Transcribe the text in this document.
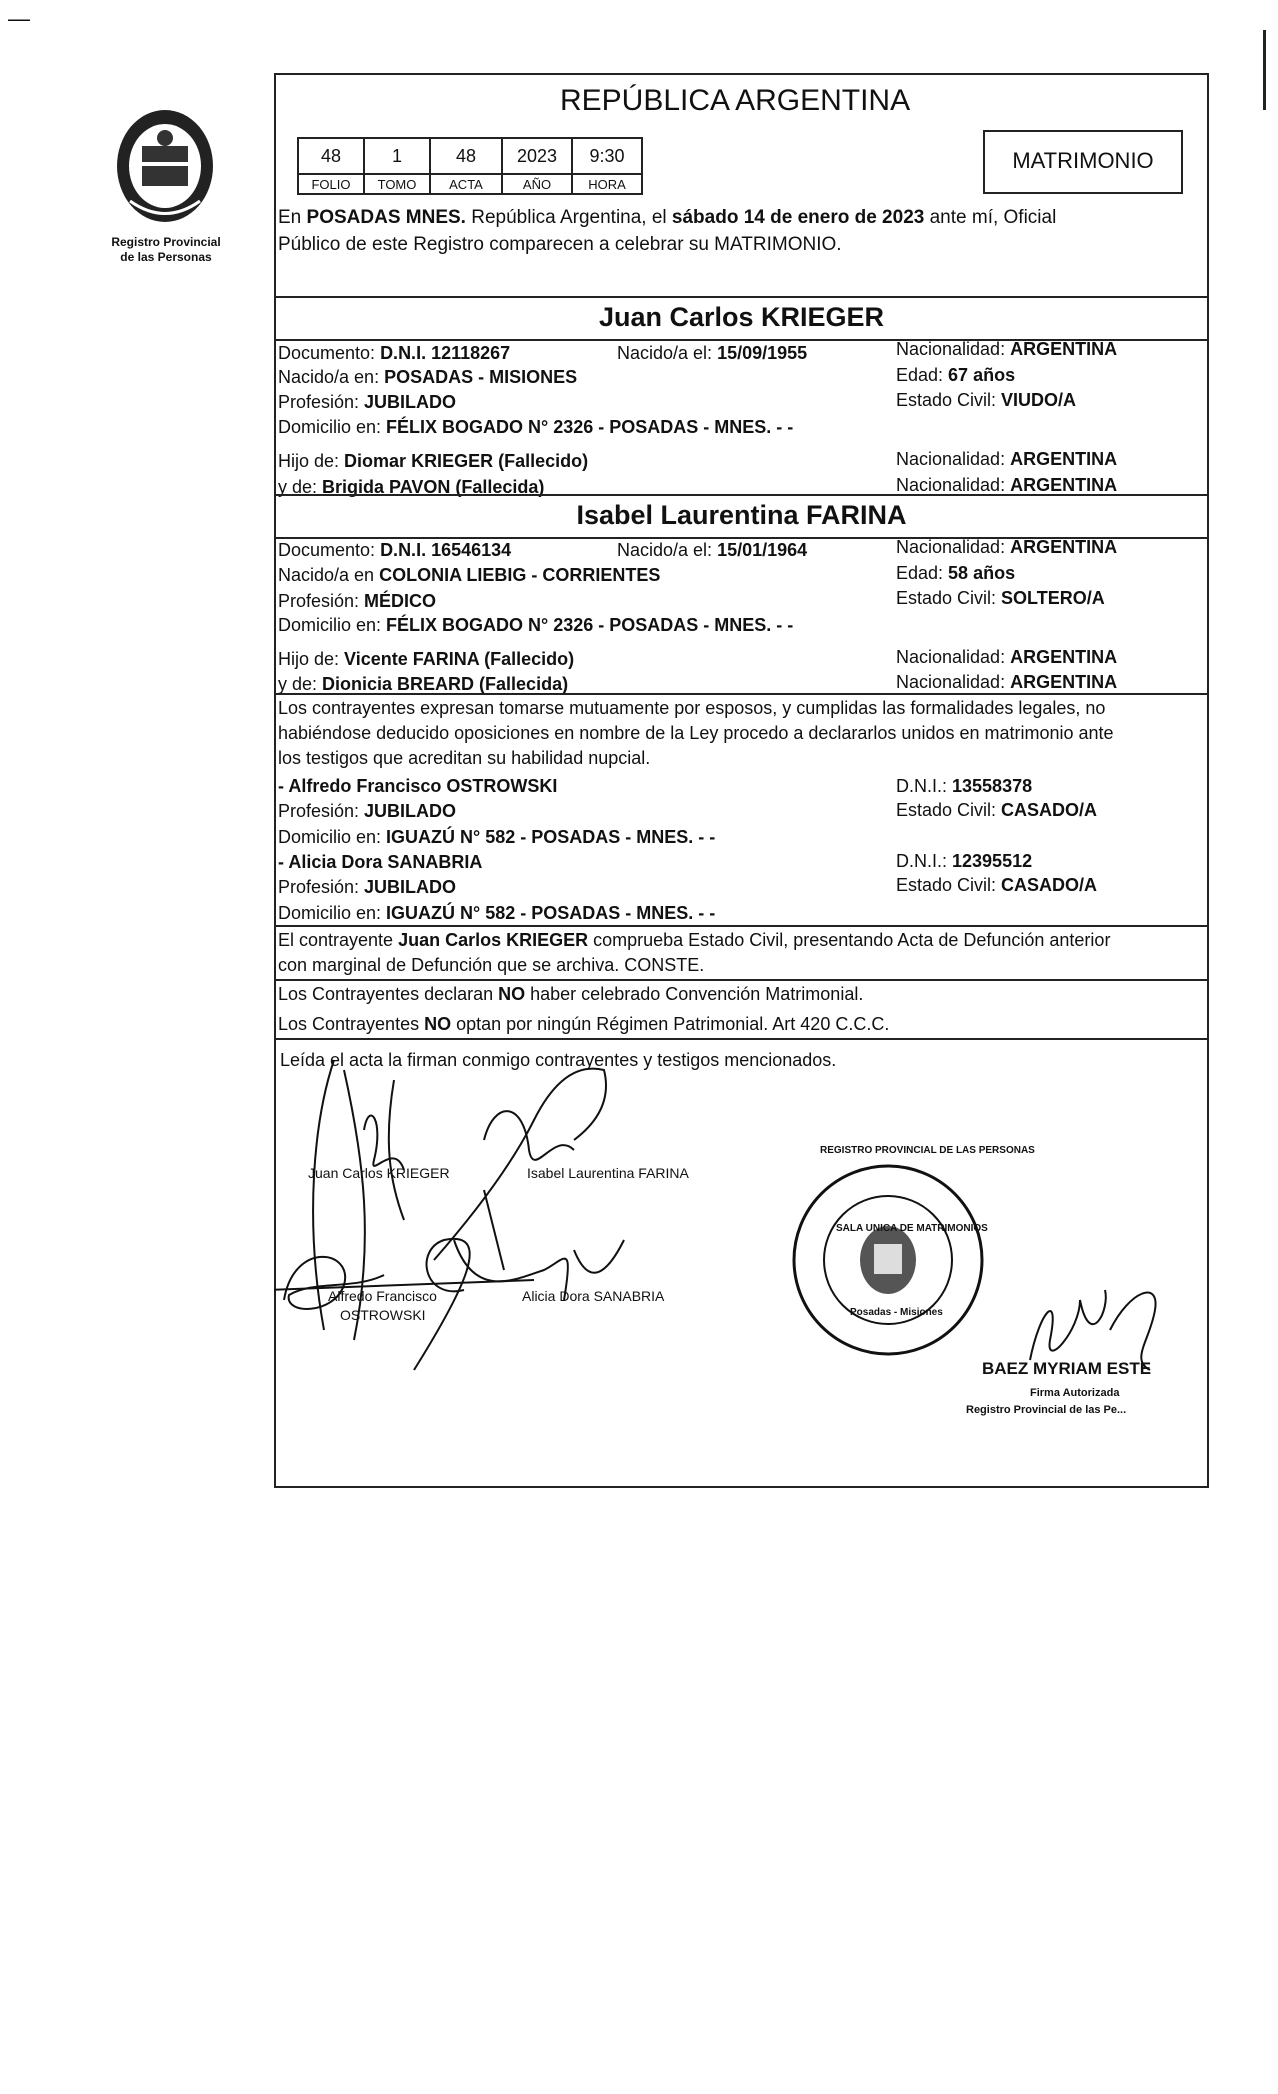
—
Registro Provincial
de las Personas
REPÚBLICA ARGENTINA
48	1	48	2023	9:30
FOLIO	TOMO	ACTA	AÑO	HORA
MATRIMONIO
En POSADAS MNES. República Argentina, el sábado 14 de enero de 2023 ante mí, Oficial
Público de este Registro comparecen a celebrar su MATRIMONIO.
Juan Carlos KRIEGER
Documento: D.N.I. 12118267	Nacido/a el: 15/09/1955	Nacionalidad: ARGENTINA
Nacido/a en: POSADAS - MISIONES	Edad: 67 años
Profesión: JUBILADO	Estado Civil: VIUDO/A
Domicilio en: FÉLIX BOGADO N° 2326 - POSADAS - MNES. - -
Hijo de: Diomar KRIEGER (Fallecido)	Nacionalidad: ARGENTINA
y de: Brigida PAVON (Fallecida)	Nacionalidad: ARGENTINA
Isabel Laurentina FARINA
Documento: D.N.I. 16546134	Nacido/a el: 15/01/1964	Nacionalidad: ARGENTINA
Nacido/a en COLONIA LIEBIG - CORRIENTES	Edad: 58 años
Profesión: MÉDICO	Estado Civil: SOLTERO/A
Domicilio en: FÉLIX BOGADO N° 2326 - POSADAS - MNES. - -
Hijo de: Vicente FARINA (Fallecido)	Nacionalidad: ARGENTINA
y de: Dionicia BREARD (Fallecida)	Nacionalidad: ARGENTINA
Los contrayentes expresan tomarse mutuamente por esposos, y cumplidas las formalidades legales, no
habiéndose deducido oposiciones en nombre de la Ley procedo a declararlos unidos en matrimonio ante
los testigos que acreditan su habilidad nupcial.
- Alfredo Francisco OSTROWSKI	D.N.I.: 13558378
Profesión: JUBILADO	Estado Civil: CASADO/A
Domicilio en: IGUAZÚ N° 582 - POSADAS - MNES. - -
- Alicia Dora SANABRIA	D.N.I.: 12395512
Profesión: JUBILADO	Estado Civil: CASADO/A
Domicilio en: IGUAZÚ N° 582 - POSADAS - MNES. - -
El contrayente Juan Carlos KRIEGER comprueba Estado Civil, presentando Acta de Defunción anterior
con marginal de Defunción que se archiva. CONSTE.
Los Contrayentes declaran NO haber celebrado Convención Matrimonial.
Los Contrayentes NO optan por ningún Régimen Patrimonial. Art 420 C.C.C.
Leída el acta la firman conmigo contrayentes y testigos mencionados.
Juan Carlos KRIEGER	Isabel Laurentina FARINA
Alfredo Francisco
OSTROWSKI
Alicia Dora SANABRIA
REGISTRO PROVINCIAL DE LAS PERSONAS
SALA UNICA DE MATRIMONIOS
Posadas - Misiones
BAEZ MYRIAM ESTE
Firma Autorizada
Registro Provincial de las Pe...
